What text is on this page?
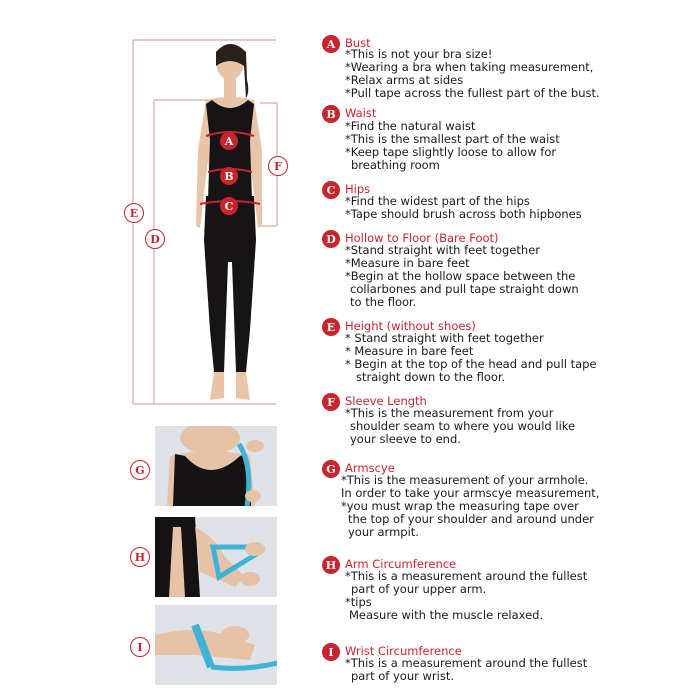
A
B
C
D
E
F
G
H
I
A Bust
*This is not your bra size!
*Wearing a bra when taking measurement,
*Relax arms at sides
*Pull tape across the fullest part of the bust.
B Waist
*Find the natural waist
*This is the smallest part of the waist
*Keep tape slightly loose to allow for
breathing room
C Hips
*Find the widest part of the hips
*Tape should brush across both hipbones
D Hollow to Floor (Bare Foot)
*Stand straight with feet together
*Measure in bare feet
*Begin at the hollow space between the
collarbones and pull tape straight down
to the floor.
E Height (without shoes)
* Stand straight with feet together
* Measure in bare feet
* Begin at the top of the head and pull tape
straight down to the floor.
F Sleeve Length
*This is the measurement from your
shoulder seam to where you would like
your sleeve to end.
G Armscye
*This is the measurement of your armhole.
In order to take your armscye measurement,
*you must wrap the measuring tape over
the top of your shoulder and around under
your armpit.
H Arm Circumference
*This is a measurement around the fullest
part of your upper arm.
*tips
Measure with the muscle relaxed.
I Wrist Circumference
*This is a measurement around the fullest
part of your wrist.
